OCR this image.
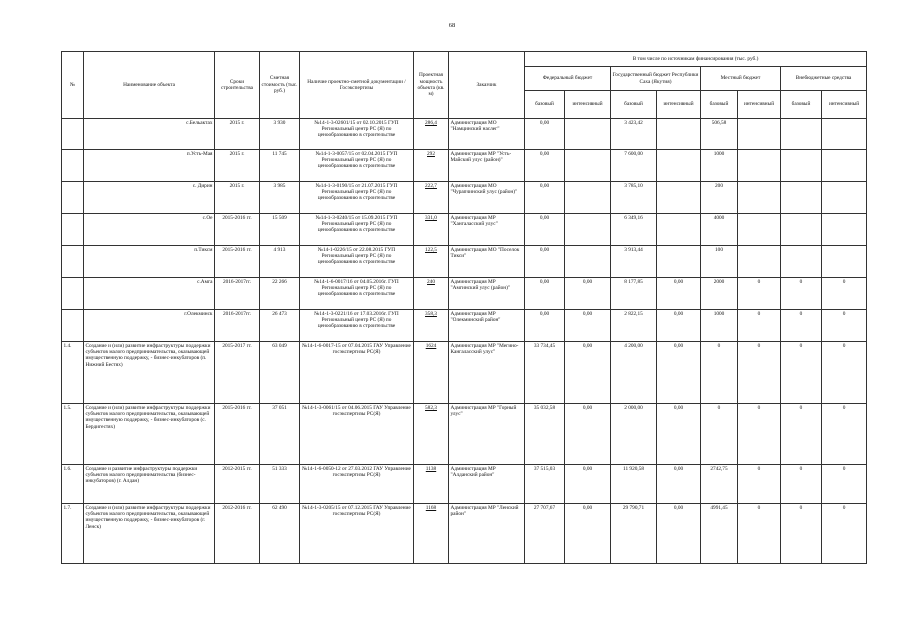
68
№	Наименование объекта	Сроки строительства	Сметная стоимость (тыс. руб.)	Наличие проектно-сметной документации / Госэкспертизы	Проектная мощность объекта (кв. м)	Заказчик	В том числе по источникам финансирования (тыс. руб.)							
							Федеральный бюджет		Государственный бюджет Республики Саха (Якутия)		Местный бюджет		Внебюджетные средства	
							базовый	интенсивный	базовый	интенсивный	базовый	интенсивный	базовый	интенсивный
	с.Бельактах	2015 г.	3 930	№14-1-3-02601/15 от 02.10.2015 ГУП Региональный центр РС (Я) по ценообразованию в строительстве	286,4	Администрация МО "Намцинский наслег"	0,00		3 423,42		506,58			
	п.Усть-Мая	2015 г.	11 745	№14-1-3-0057/15 от 02.04.2015 ГУП Региональный центр РС (Я) по ценообразованию в строительстве	292	Администрация МР "Усть-Майский улус (район)"	0,00		7 600,00		1000			
	с. Дирин	2015 г.	3 985	№14-1-3-0190/15 от 21.07.2015 ГУП Региональный центр РС (Я) по ценообразованию в строительстве	222,7	Администрация МО "Чурапчинский улус (район)"	0,00		3 785,10		200			
	с.Ое	2015-2016 гг.	15 509	№14-1-3-0240/15 от 15.09.2015 ГУП Региональный центр РС (Я) по ценообразованию в строительстве	331,0	Администрация МР "Хангаласский улус"	0,00		6 349,16		4000			
	п.Тиксм	2015-2016 гг.	4 913	№14-1-0226/15 от 22.08.2015 ГУП Региональный центр РС (Я) по ценообразованию в строительстве	122,5	Администрация МО "Поселок Тикси"	0,00		3 913,44		100			
	с.Амга	2016-2017гг.	22 266	№14-1-6-0017/16 от 04.05.2016г. ГУП Региональный центр РС (Я) по ценообразованию в строительстве	240	Администрация МР "Амгинский улус (район)"	0,00	0,00	8 177,85	0,00	2000	0	0	0
	г.Олекминск	2016-2017гг.	26 473	№14-1-3-0221/16 от 17.03.2016г. ГУП Региональный центр РС (Я) по ценообразованию в строительстве	358,3	Администрация МР "Олекминский район"	0,00	0,00	2 822,15	0,00	1000	0	0	0
1.4.	Создание и (или) развитие инфраструктуры поддержки субъектов малого предпринимательства, оказывающей имущественную поддержку, - бизнес-инкубаторов (п. Нижний Бестях)	2015-2017 гг.	63 049	№14-1-6-0017-15 от 07.04.2015 ГАУ Управление госэкспертизы РС(Я)	1624	Администрация МР "Мегино-Кангаласский улус"	33 734,45	0,00	4 200,00	0,00	0	0	0	0
1.5.	Создание и (или) развитие инфраструктуры поддержки субъектов малого предпринимательства, оказывающей имущественную поддержку, - бизнес-инкубаторов (с. Бердигестях)	2015-2016 гг.	37 051	№14-1-3-0061/15 от 04.06.2015 ГАУ Управление госэкспертизы РС(Я)	582,3	Администрация МР "Горный улус"	35 032,58	0,00	2 000,00	0,00	0	0	0	0
1.6.	Создание и развитие инфраструктуры поддержки субъектов малого предпринимательства (бизнес-инкубаторов) (г. Алдан)	2012-2015 гг.	51 333	№14-1-6-0050-12 от 27.03.2012 ГАУ Управление госэкспертизы РС(Я)	1138	Администрация МР "Алданский район"	37 515,03	0,00	11 920,58	0,00	2742,75	0	0	0
1.7.	Создание и (или) развитие инфраструктуры поддержки субъектов малого предпринимательства, оказывающей имущественную поддержку, - бизнес-инкубаторов (г. Ленск)	2012-2016 гг.	62 490	№14-1-3-0205/15 от 07.12.2015 ГАУ Управление госэкспертизы РС(Я)	1168	Администрация МР "Ленский район"	27 707,67	0,00	29 790,71	0,00	4991,45	0	0	0
